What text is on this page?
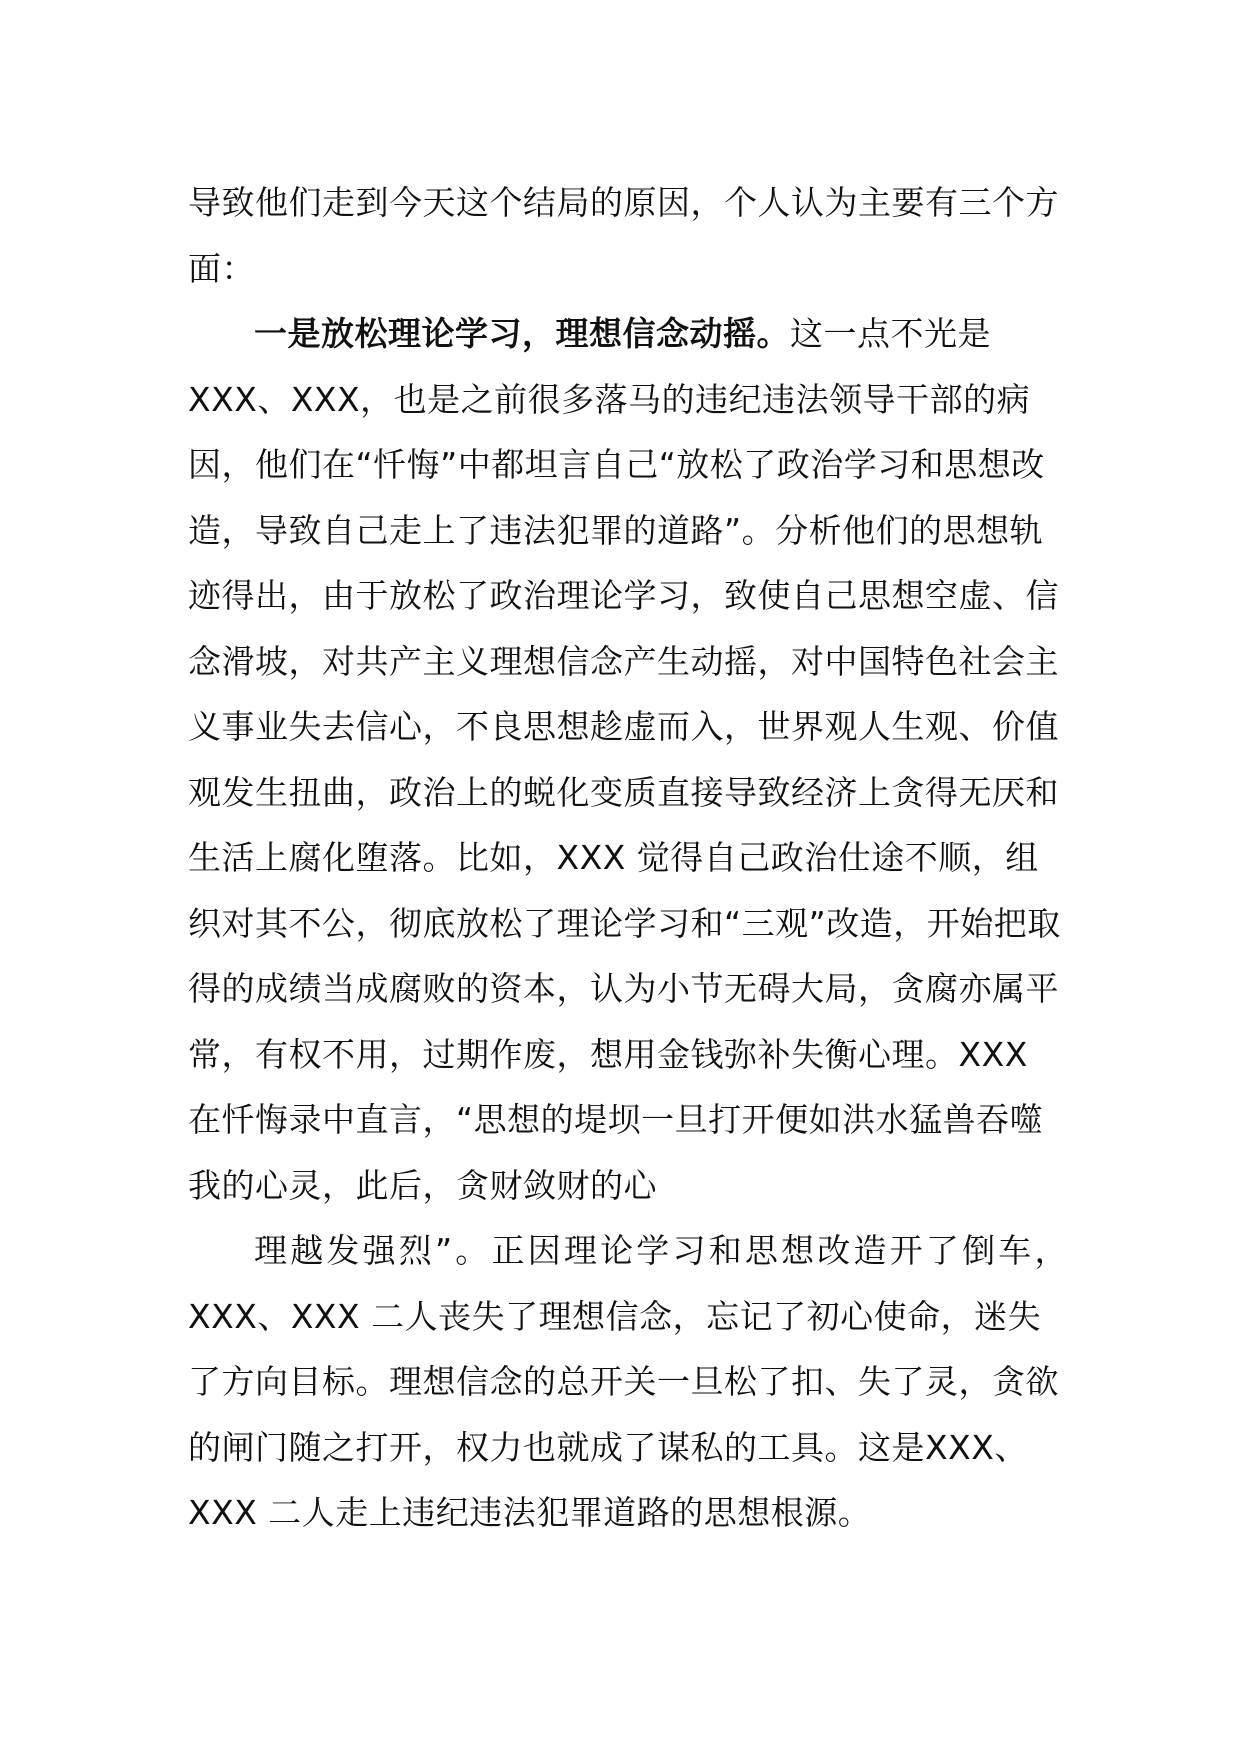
导致他们走到今天这个结局的原因，个人认为主要有三个方面：

一是放松理论学习，理想信念动摇。这一点不光是XXX、XXX，也是之前很多落马的违纪违法领导干部的病因，他们在“忏悔”中都坦言自己“放松了政治学习和思想改造，导致自己走上了违法犯罪的道路”。分析他们的思想轨迹得出，由于放松了政治理论学习，致使自己思想空虚、信念滑坡，对共产主义理想信念产生动摇，对中国特色社会主义事业失去信心，不良思想趁虚而入，世界观人生观、价值观发生扭曲，政治上的蜕化变质直接导致经济上贪得无厌和生活上腐化堕落。比如，XXX 觉得自己政治仕途不顺，组织对其不公，彻底放松了理论学习和“三观”改造，开始把取得的成绩当成腐败的资本，认为小节无碍大局，贪腐亦属平常，有权不用，过期作废，想用金钱弥补失衡心理。XXX 在忏悔录中直言，“思想的堤坝一旦打开便如洪水猛兽吞噬我的心灵，此后，贪财敛财的心
理越发强烈”。正因理论学习和思想改造开了倒车，
XXX、XXX 二人丧失了理想信念，忘记了初心使命，迷失了方向目标。理想信念的总开关一旦松了扣、失了灵，贪欲的闸门随之打开，权力也就成了谋私的工具。这是XXX、XXX 二人走上违纪违法犯罪道路的思想根源。
